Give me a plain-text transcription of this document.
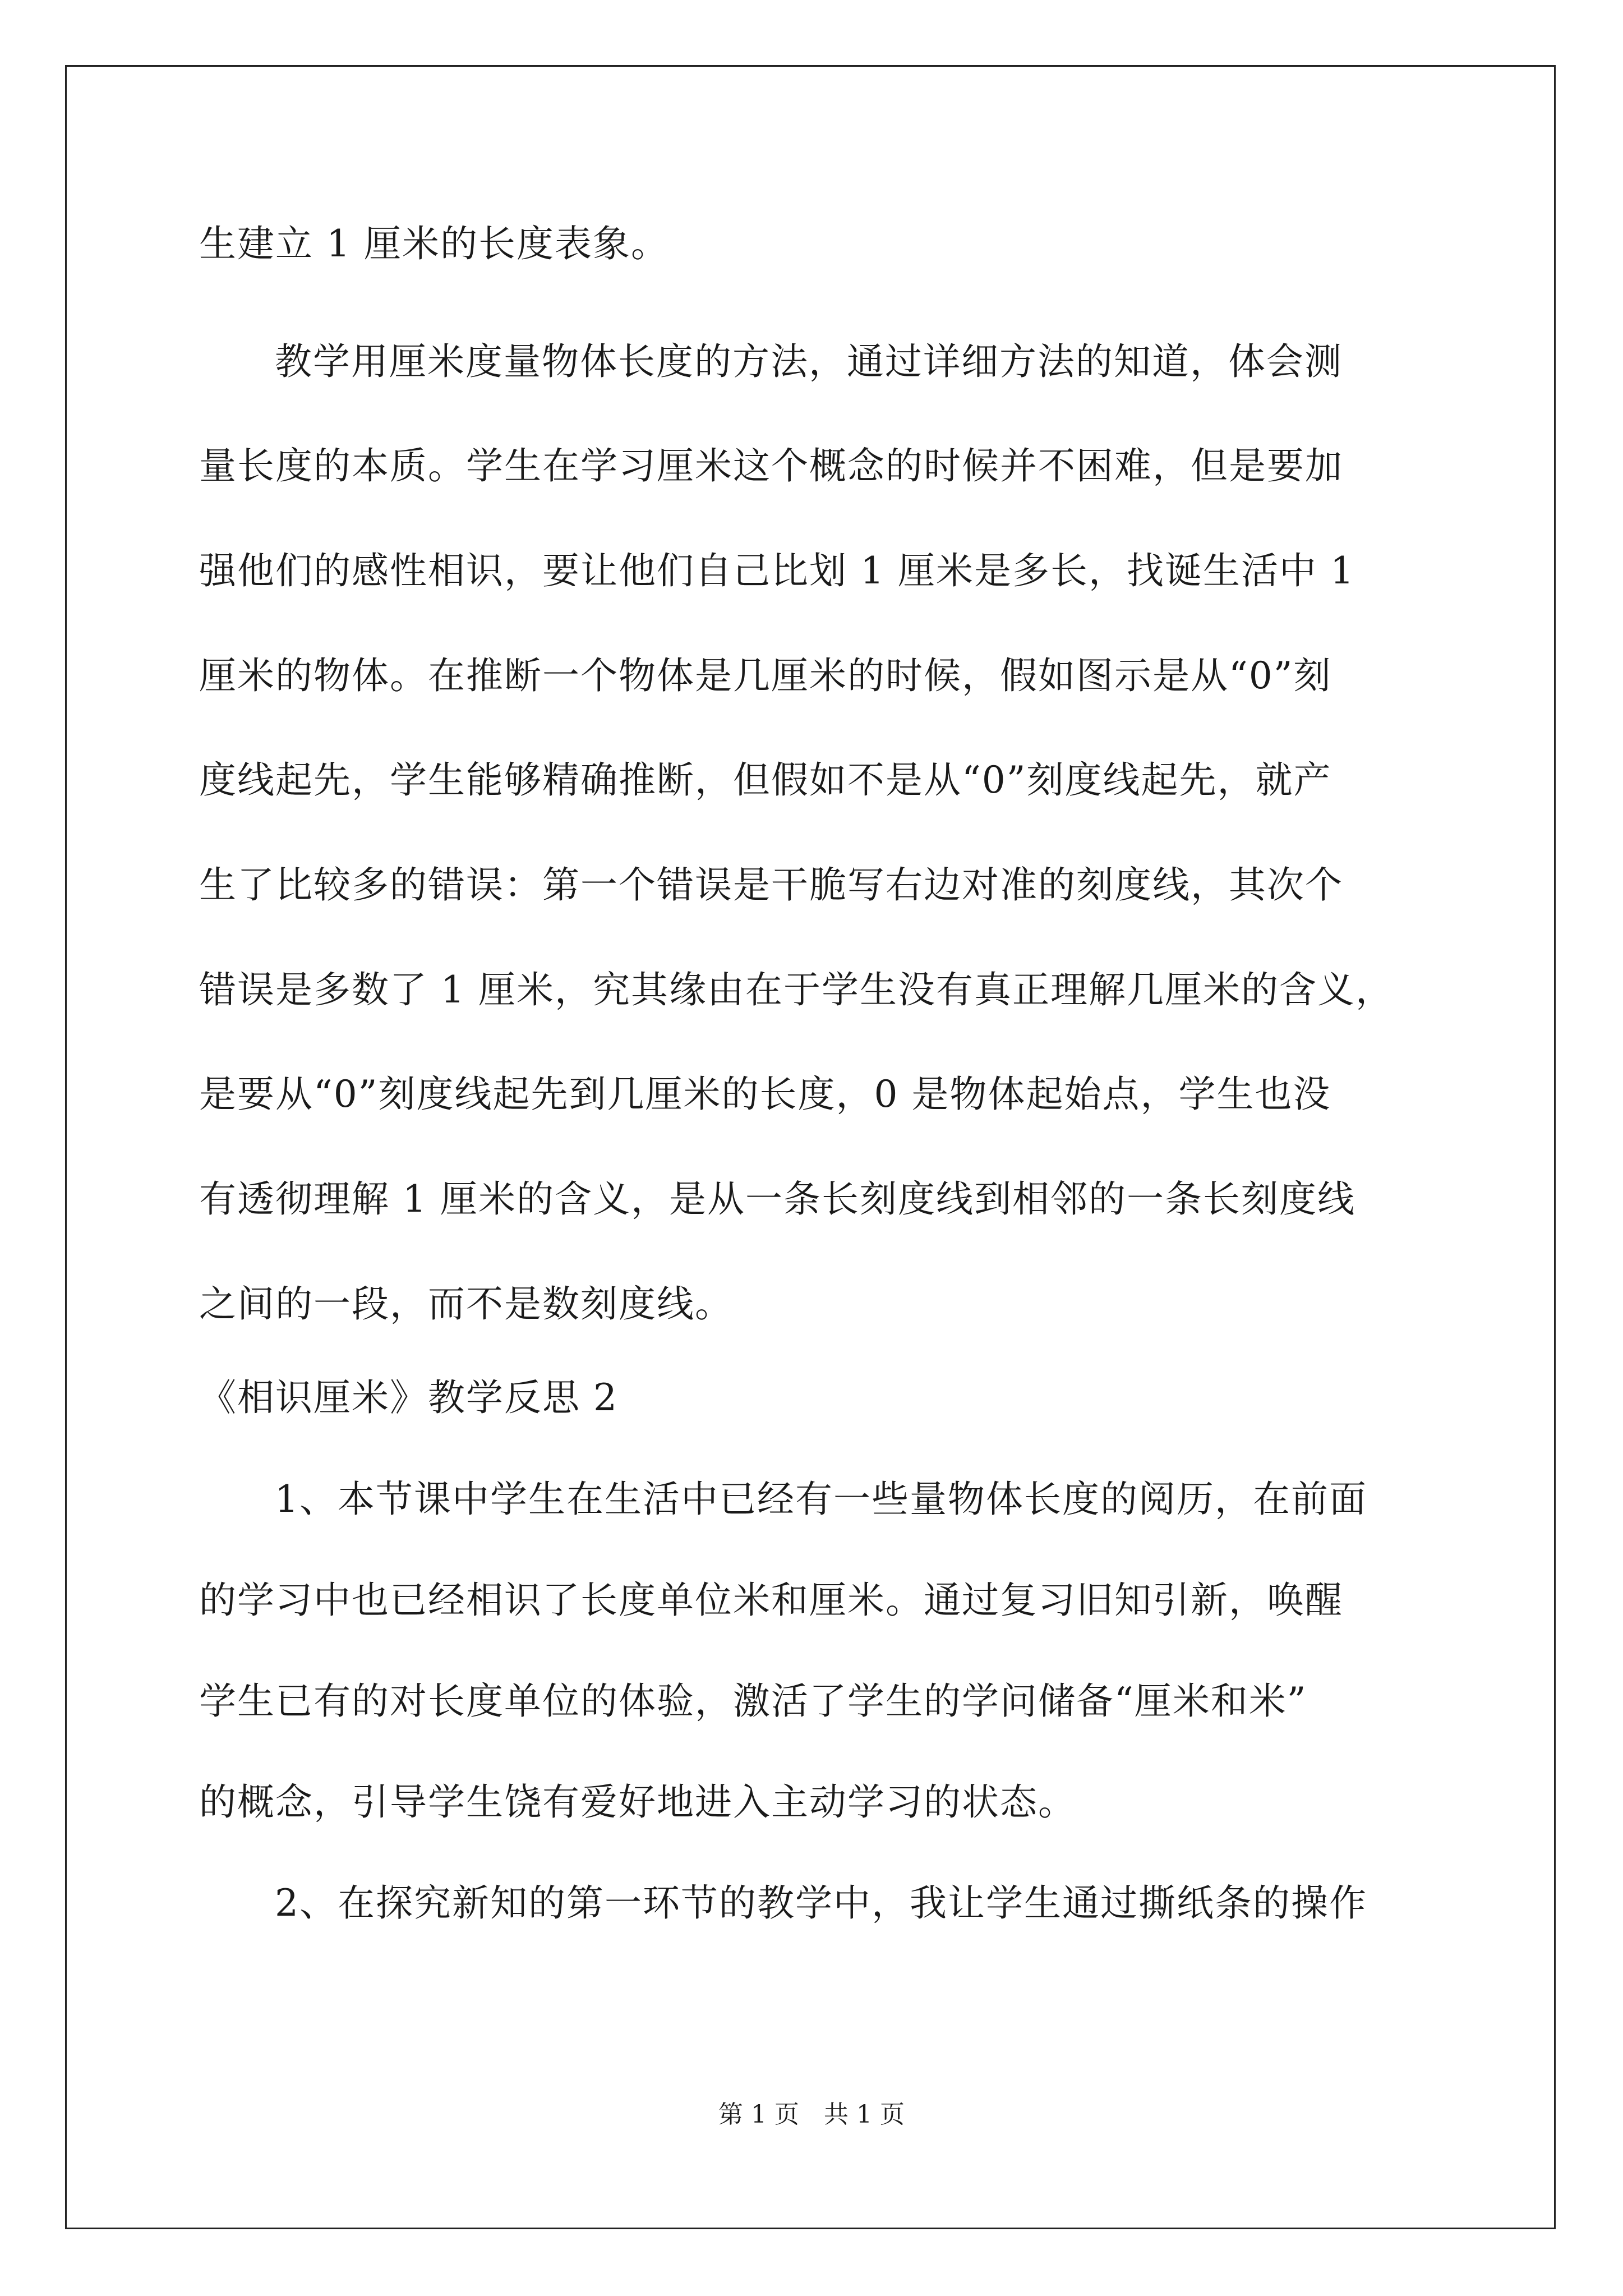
生建立 1 厘米的长度表象。

教学用厘米度量物体长度的方法，通过详细方法的知道，体会测

量长度的本质。学生在学习厘米这个概念的时候并不困难，但是要加

强他们的感性相识，要让他们自己比划 1 厘米是多长，找诞生活中 1

厘米的物体。在推断一个物体是几厘米的时候，假如图示是从“0”刻

度线起先，学生能够精确推断，但假如不是从“0”刻度线起先，就产

生了比较多的错误：第一个错误是干脆写右边对准的刻度线，其次个

错误是多数了 1 厘米，究其缘由在于学生没有真正理解几厘米的含义，

是要从“0”刻度线起先到几厘米的长度，0 是物体起始点，学生也没

有透彻理解 1 厘米的含义，是从一条长刻度线到相邻的一条长刻度线

之间的一段，而不是数刻度线。

《相识厘米》教学反思 2

1、本节课中学生在生活中已经有一些量物体长度的阅历，在前面

的学习中也已经相识了长度单位米和厘米。通过复习旧知引新，唤醒

学生已有的对长度单位的体验，激活了学生的学问储备“厘米和米”

的概念，引导学生饶有爱好地进入主动学习的状态。

2、在探究新知的第一环节的教学中，我让学生通过撕纸条的操作

第 1 页　共 1 页
